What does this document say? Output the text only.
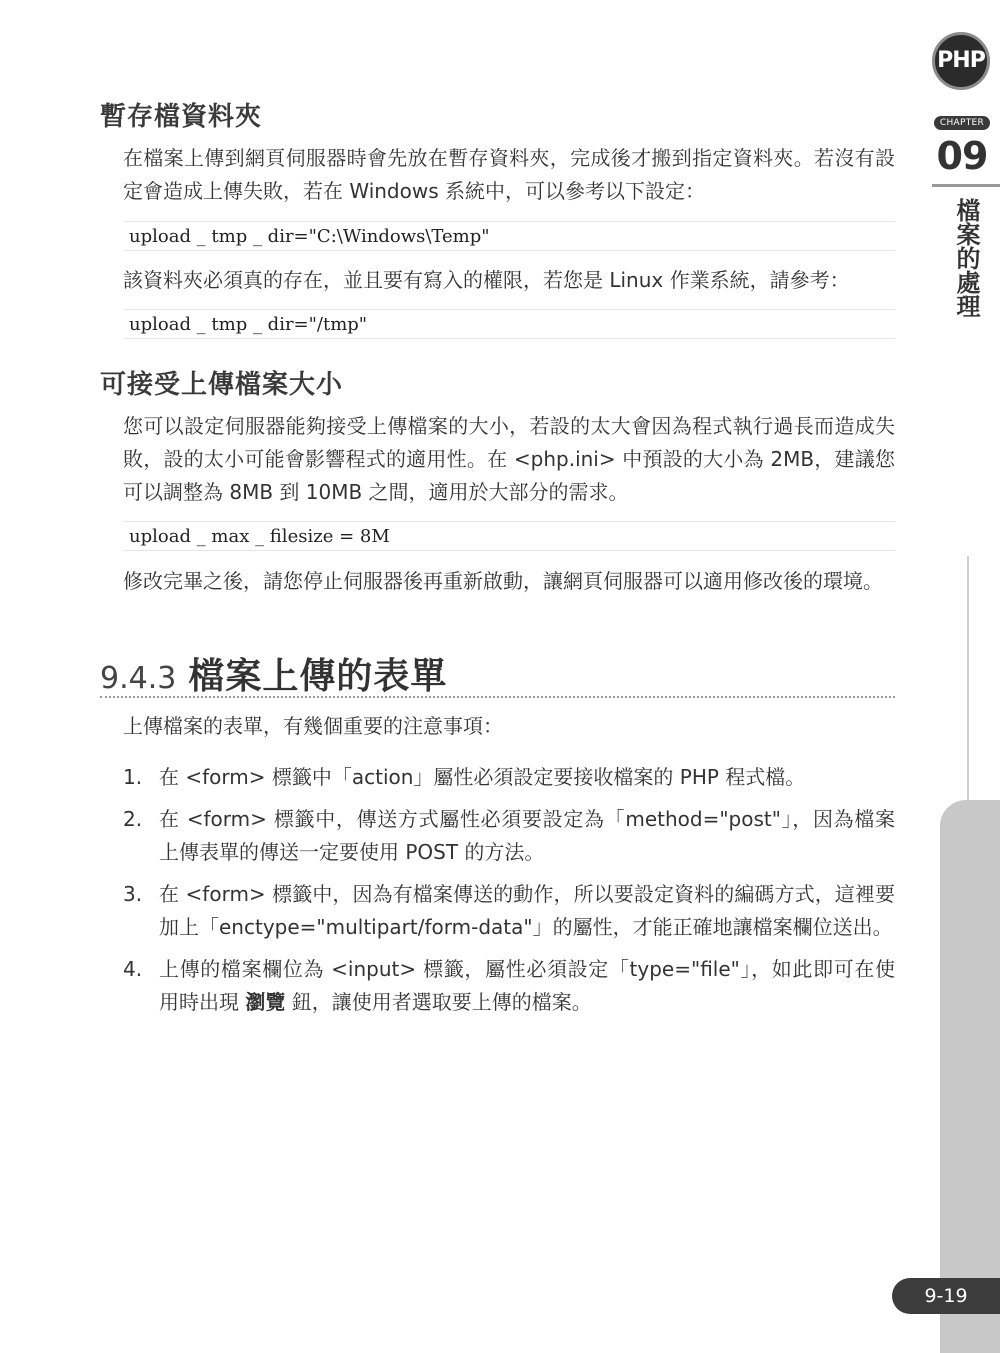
暫存檔資料夾

在檔案上傳到網頁伺服器時會先放在暫存資料夾，完成後才搬到指定資料夾。若沒有設定會造成上傳失敗，若在 Windows 系統中，可以參考以下設定：

upload _ tmp _ dir="C:\Windows\Temp"

該資料夾必須真的存在，並且要有寫入的權限，若您是 Linux 作業系統，請參考：

upload _ tmp _ dir="/tmp"
可接受上傳檔案大小

您可以設定伺服器能夠接受上傳檔案的大小，若設的太大會因為程式執行過長而造成失敗，設的太小可能會影響程式的適用性。在 <php.ini> 中預設的大小為 2MB，建議您可以調整為 8MB 到 10MB 之間，適用於大部分的需求。

upload _ max _ filesize = 8M

修改完畢之後，請您停止伺服器後再重新啟動，讓網頁伺服器可以適用修改後的環境。

9.4.3 檔案上傳的表單

上傳檔案的表單，有幾個重要的注意事項：

1. 在 <form> 標籤中「action」屬性必須設定要接收檔案的 PHP 程式檔。
2. 在 <form> 標籤中，傳送方式屬性必須要設定為「method="post"」，因為檔案上傳表單的傳送一定要使用 POST 的方法。
3. 在 <form> 標籤中，因為有檔案傳送的動作，所以要設定資料的編碼方式，這裡要加上「enctype="multipart/form-data"」的屬性，才能正確地讓檔案欄位送出。
4. 上傳的檔案欄位為 <input> 標籤，屬性必須設定「type="file"」，如此即可在使用時出現 瀏覽 鈕，讓使用者選取要上傳的檔案。
PHP
CHAPTER
09
檔案的處理
9-19
